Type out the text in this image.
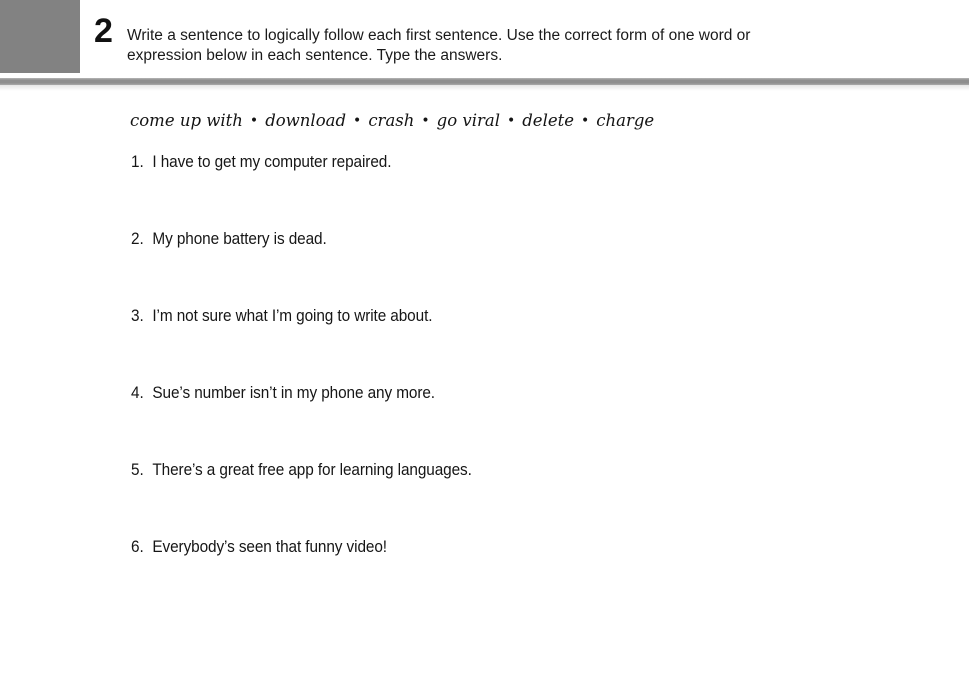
2 Write a sentence to logically follow each first sentence. Use the correct form of one word or
expression below in each sentence. Type the answers.
come up with • download • crash • go viral • delete • charge
1. I have to get my computer repaired.
2. My phone battery is dead.
3. I’m not sure what I’m going to write about.
4. Sue’s number isn’t in my phone any more.
5. There’s a great free app for learning languages.
6. Everybody’s seen that funny video!
